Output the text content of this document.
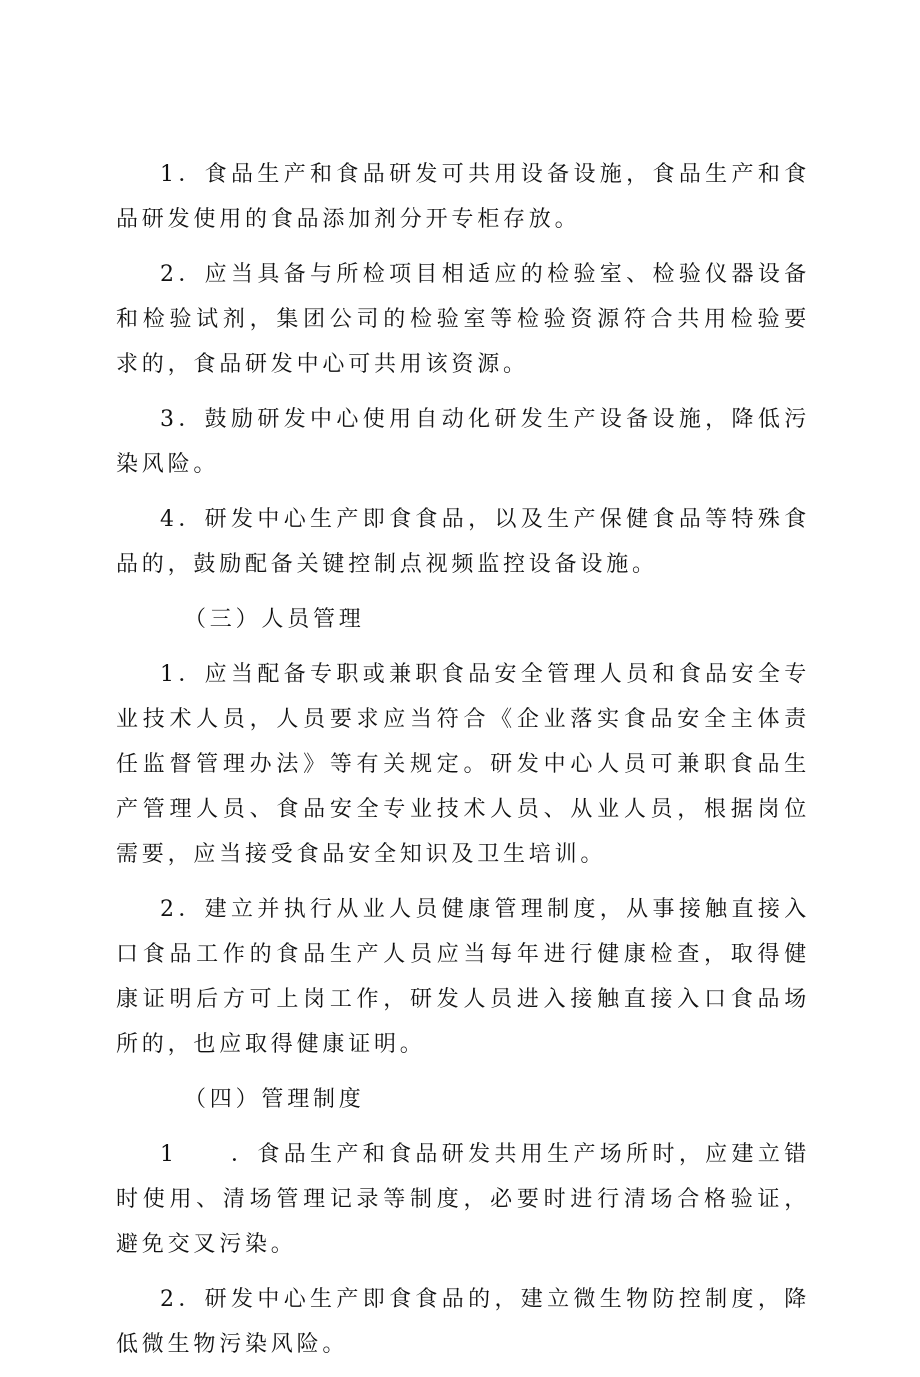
1．食品生产和食品研发可共用设备设施，食品生产和食品研发使用的食品添加剂分开专柜存放。

2．应当具备与所检项目相适应的检验室、检验仪器设备和检验试剂，集团公司的检验室等检验资源符合共用检验要求的，食品研发中心可共用该资源。

3．鼓励研发中心使用自动化研发生产设备设施，降低污染风险。

4．研发中心生产即食食品，以及生产保健食品等特殊食品的，鼓励配备关键控制点视频监控设备设施。

（三）人员管理

1．应当配备专职或兼职食品安全管理人员和食品安全专业技术人员，人员要求应当符合《企业落实食品安全主体责任监督管理办法》等有关规定。研发中心人员可兼职食品生产管理人员、食品安全专业技术人员、从业人员，根据岗位需要，应当接受食品安全知识及卫生培训。

2．建立并执行从业人员健康管理制度，从事接触直接入口食品工作的食品生产人员应当每年进行健康检查，取得健康证明后方可上岗工作，研发人员进入接触直接入口食品场所的，也应取得健康证明。

（四）管理制度

1　　．食品生产和食品研发共用生产场所时，应建立错时使用、清场管理记录等制度，必要时进行清场合格验证，避免交叉污染。

2．研发中心生产即食食品的，建立微生物防控制度，降低微生物污染风险。
